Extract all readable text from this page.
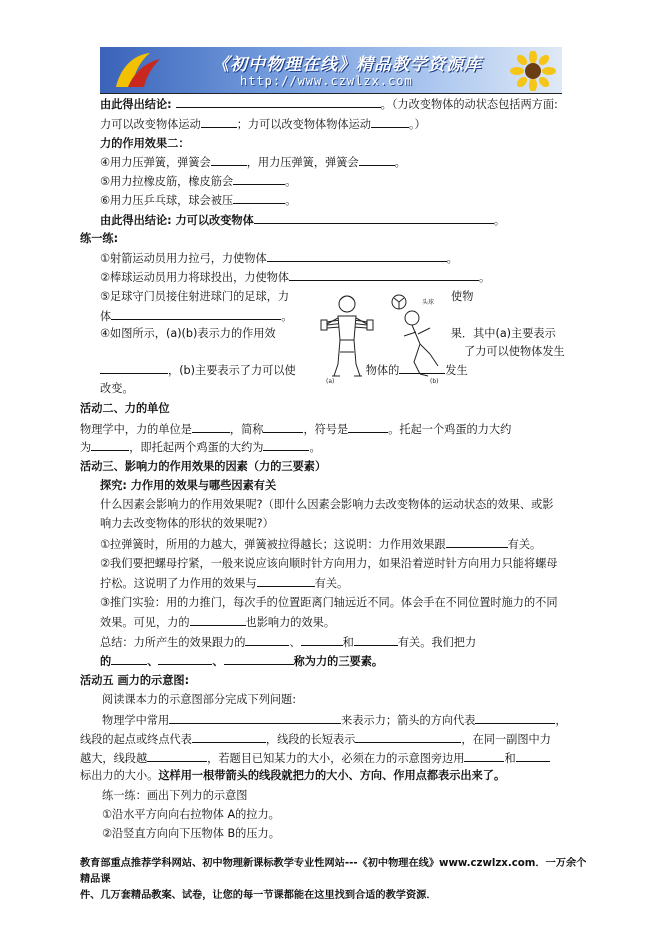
《初中物理在线》精品教学资源库
http://www.czwlzx.com
由此得出结论:	。（力改变物体的动状态包括两方面:
力可以改变物体运动	；力可以改变物体物体运动	。）
力的作用效果二：
④用力压弹簧，弹簧会	，用力压弹簧，弹簧会	。
⑤用力拉橡皮筋，橡皮筋会	。
⑥用力压乒乓球，球会被压	。
由此得出结论: 力可以改变物体	。
练一练:
①射箭运动员用力拉弓，力使物体	。
②棒球运动员用力将球投出，力使物体	。
⑤足球守门员接住射进球门的足球，力	使物
体	。
④如图所示，(a)(b)表示力的作用效	果．其中(a)主要表示
了力可以使物体发生
，(b)主要表示了力可以使	物体的	发生
改变。
活动二、力的单位
物理学中，力的单位是	，简称	，符号是	。托起一个鸡蛋的力大约
为	，即托起两个鸡蛋的大约为	。
活动三、影响力的作用效果的因素（力的三要素）
探究: 力作用的效果与哪些因素有关
什么因素会影响力的作用效果呢?（即什么因素会影响力去改变物体的运动状态的效果、或影
响力去改变物体的形状的效果呢?）
①拉弹簧时，所用的力越大，弹簧被拉得越长；这说明：力作用效果跟	有关。
②我们要把螺母拧紧，一般来说应该向顺时针方向用力，如果沿着逆时针方向用力只能将螺母
拧松。这说明了力作用的效果与	有关。
③推门实验：用的力推门，每次手的位置距离门轴远近不同。体会手在不同位置时施力的不同
效果。可见，力的	也影响力的效果。
总结：力所产生的效果跟力的	、	和	有关。我们把力
的	、	、	称为力的三要素。
活动五 画力的示意图:
阅读课本力的示意图部分完成下列问题:
物理学中常用	来表示力；箭头的方向代表	，
线段的起点或终点代表	，线段的长短表示	，在同一副图中力
越大，线段越	，若题目已知某力的大小，必须在力的示意图旁边用	和
标出力的大小。这样用一根带箭头的线段就把力的大小、方向、作用点都表示出来了。
练一练：画出下列力的示意图
①沿水平方向向右拉物体 A的拉力。
②沿竖直方向向下压物体 B的压力。
(a)
头球
(b)
教育部重点推荐学科网站、初中物理新课标教学专业性网站---《初中物理在线》www.czwlzx.com．一万余个精品课
件、几万套精品教案、试卷，让您的每一节课都能在这里找到合适的教学资源．
